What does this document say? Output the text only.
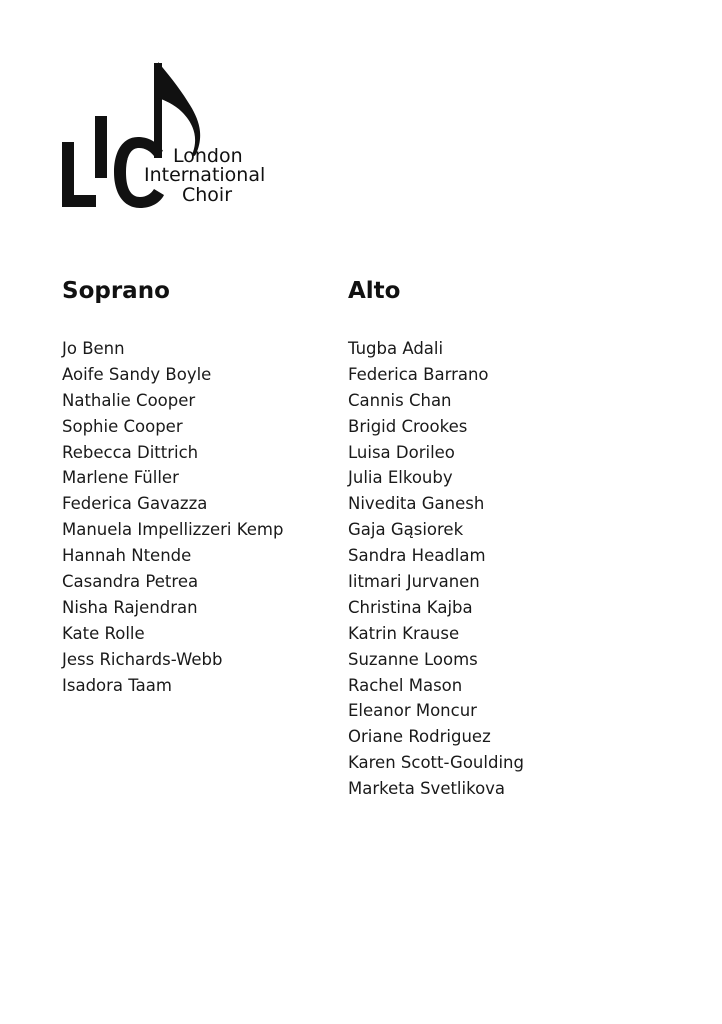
London
International
Choir
Soprano
Jo Benn
Aoife Sandy Boyle
Nathalie Cooper
Sophie Cooper
Rebecca Dittrich
Marlene Füller
Federica Gavazza
Manuela Impellizzeri Kemp
Hannah Ntende
Casandra Petrea
Nisha Rajendran
Kate Rolle
Jess Richards-Webb
Isadora Taam
Alto
Tugba Adali
Federica Barrano
Cannis Chan
Brigid Crookes
Luisa Dorileo
Julia Elkouby
Nivedita Ganesh
Gaja Gąsiorek
Sandra Headlam
Iitmari Jurvanen
Christina Kajba
Katrin Krause
Suzanne Looms
Rachel Mason
Eleanor Moncur
Oriane Rodriguez
Karen Scott-Goulding
Marketa Svetlikova
